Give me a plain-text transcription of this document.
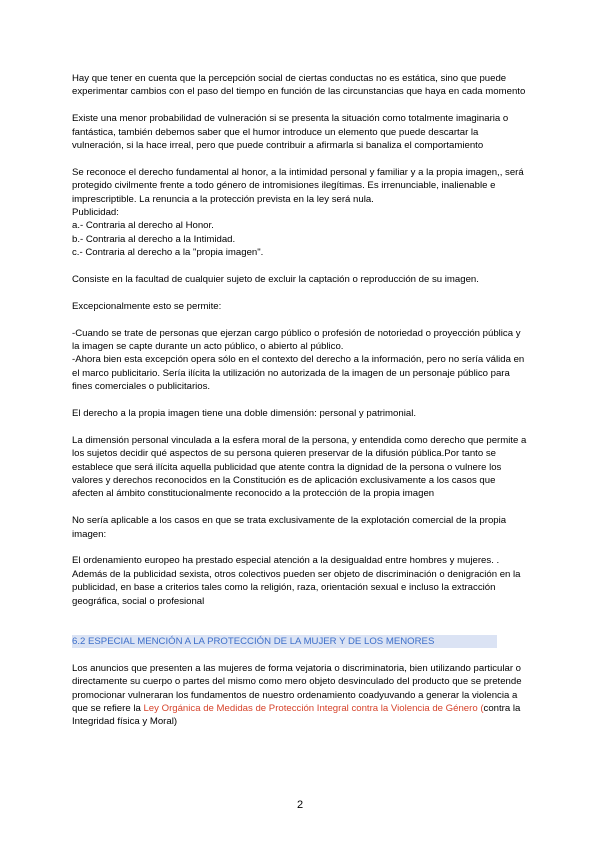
Hay que tener en cuenta que la percepción social de ciertas conductas no es estática, sino que puede experimentar cambios con el paso del tiempo en función de las circunstancias que haya en cada momento

Existe una menor probabilidad de vulneración si se presenta la situación como totalmente imaginaria o fantástica, también debemos saber que el humor introduce un elemento que puede descartar la vulneración, si la hace irreal, pero que puede contribuir a afirmarla si banaliza el comportamiento

Se reconoce el derecho fundamental al honor, a la intimidad personal y familiar y a la propia imagen,, será protegido civilmente frente a todo género de intromisiones ilegítimas. Es irrenunciable, inalienable e imprescriptible. La renuncia a la protección prevista en la ley será nula.

Publicidad:

a.- Contraria al derecho al Honor.

b.- Contraria al derecho a la Intimidad.

c.- Contraria al derecho a la "propia imagen".

Consiste en la facultad de cualquier sujeto de excluir la captación o reproducción de su imagen.

Excepcionalmente esto se permite:

-Cuando se trate de personas que ejerzan cargo público o profesión de notoriedad o proyección pública y la imagen se capte durante un acto público, o abierto al público.

-Ahora bien esta excepción opera sólo en el contexto del derecho a la información, pero no sería válida en el marco publicitario. Sería ilícita la utilización no autorizada de la imagen de un personaje público para fines comerciales o publicitarios.

El derecho a la propia imagen tiene una doble dimensión: personal y patrimonial.

La dimensión personal vinculada a la esfera moral de la persona, y entendida como derecho que permite a los sujetos decidir qué aspectos de su persona quieren preservar de la difusión pública.Por tanto se establece que será ilícita aquella publicidad que atente contra la dignidad de la persona o vulnere los valores y derechos reconocidos en la Constitución es de aplicación exclusivamente a los casos que afecten al ámbito constitucionalmente reconocido a la protección de la propia imagen

No sería aplicable a los casos en que se trata exclusivamente de la explotación comercial de la propia imagen:

El ordenamiento europeo ha prestado especial atención a la desigualdad entre hombres y mujeres. . Además de la publicidad sexista, otros colectivos pueden ser objeto de discriminación o denigración en la publicidad, en base a criterios tales como la religión, raza, orientación sexual e incluso la extracción geográfica, social o profesional

6.2 ESPECIAL MENCIÓN A LA PROTECCIÓN DE LA MUJER Y DE LOS MENORES

Los anuncios que presenten a las mujeres de forma vejatoria o discriminatoria, bien utilizando particular o directamente su cuerpo o partes del mismo como mero objeto desvinculado del producto que se pretende promocionar vulneraran los fundamentos de nuestro ordenamiento coadyuvando a generar la violencia a que se refiere la Ley Orgánica de Medidas de Protección Integral contra la Violencia de Género (contra la Integridad física y Moral)

2
